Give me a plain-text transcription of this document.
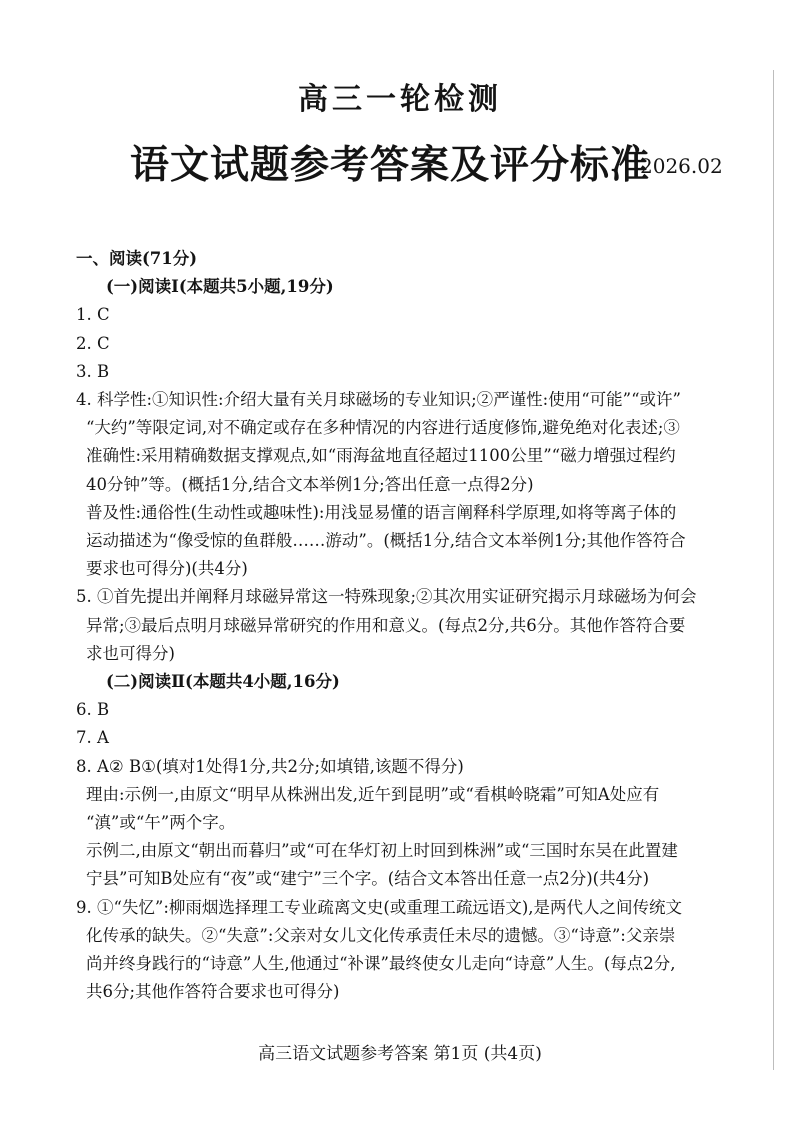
高三一轮检测
语文试题参考答案及评分标准
2026.02
一、阅读(71分)
(一)阅读Ⅰ(本题共5小题,19分)
1. C
2. C
3. B
4. 科学性:①知识性:介绍大量有关月球磁场的专业知识;②严谨性:使用“可能”“或许”
“大约”等限定词,对不确定或存在多种情况的内容进行适度修饰,避免绝对化表述;③
准确性:采用精确数据支撑观点,如“雨海盆地直径超过1100公里”“磁力增强过程约
40分钟”等。(概括1分,结合文本举例1分;答出任意一点得2分)
普及性:通俗性(生动性或趣味性):用浅显易懂的语言阐释科学原理,如将等离子体的
运动描述为“像受惊的鱼群般……游动”。(概括1分,结合文本举例1分;其他作答符合
要求也可得分)(共4分)
5. ①首先提出并阐释月球磁异常这一特殊现象;②其次用实证研究揭示月球磁场为何会
异常;③最后点明月球磁异常研究的作用和意义。(每点2分,共6分。其他作答符合要
求也可得分)
(二)阅读Ⅱ(本题共4小题,16分)
6. B
7. A
8. A② B①(填对1处得1分,共2分;如填错,该题不得分)
理由:示例一,由原文“明早从株洲出发,近午到昆明”或“看棋岭晓霜”可知A处应有
“滇”或“午”两个字。
示例二,由原文“朝出而暮归”或“可在华灯初上时回到株洲”或“三国时东吴在此置建
宁县”可知B处应有“夜”或“建宁”三个字。(结合文本答出任意一点2分)(共4分)
9. ①“失忆”:柳雨烟选择理工专业疏离文史(或重理工疏远语文),是两代人之间传统文
化传承的缺失。②“失意”:父亲对女儿文化传承责任未尽的遗憾。③“诗意”:父亲崇
尚并终身践行的“诗意”人生,他通过“补课”最终使女儿走向“诗意”人生。(每点2分,
共6分;其他作答符合要求也可得分)
高三语文试题参考答案 第1页 (共4页)
